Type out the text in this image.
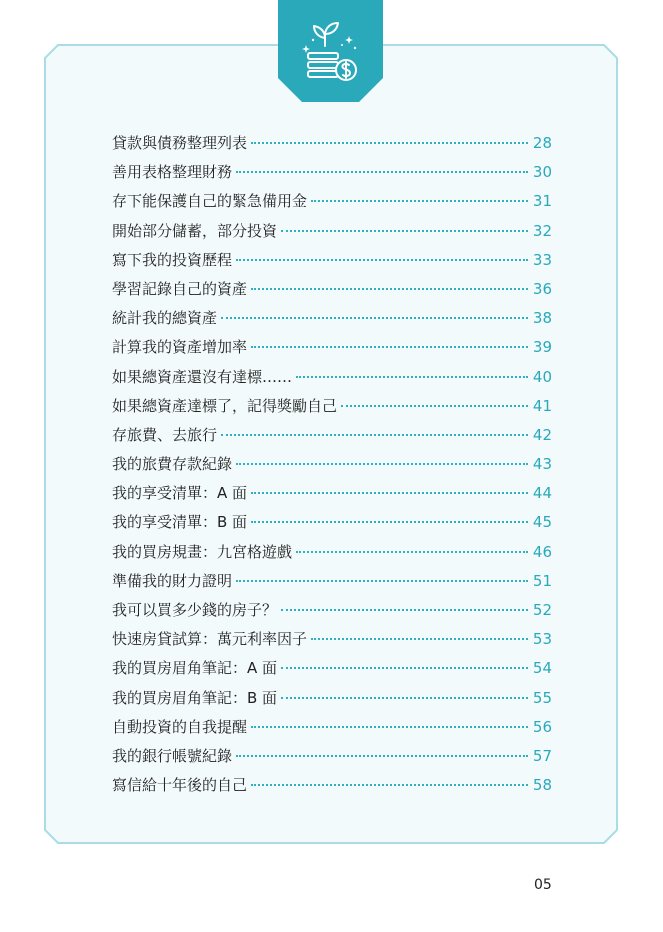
貸款與債務整理列表	28
善用表格整理財務	30
存下能保護自己的緊急備用金	31
開始部分儲蓄，部分投資	32
寫下我的投資歷程	33
學習記錄自己的資產	36
統計我的總資產	38
計算我的資產增加率	39
如果總資產還沒有達標……	40
如果總資產達標了，記得獎勵自己	41
存旅費、去旅行	42
我的旅費存款紀錄	43
我的享受清單：A 面	44
我的享受清單：B 面	45
我的買房規畫：九宮格遊戲	46
準備我的財力證明	51
我可以買多少錢的房子？	52
快速房貸試算：萬元利率因子	53
我的買房眉角筆記：A 面	54
我的買房眉角筆記：B 面	55
自動投資的自我提醒	56
我的銀行帳號紀錄	57
寫信給十年後的自己	58
05
